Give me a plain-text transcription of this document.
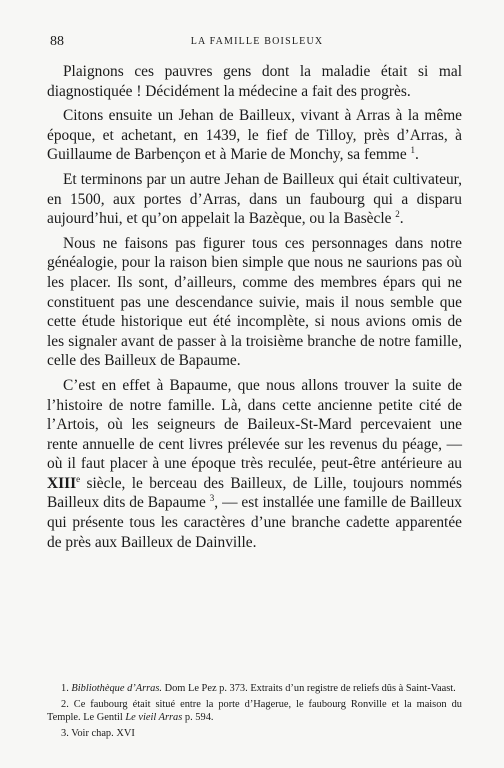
88	LA FAMILLE BOISLEUX

Plaignons ces pauvres gens dont la maladie était si mal diagnostiquée ! Décidément la médecine a fait des progrès.

Citons ensuite un Jehan de Bailleux, vivant à Arras à la même époque, et achetant, en 1439, le fief de Tilloy, près d’Arras, à Guillaume de Barbençon et à Marie de Monchy, sa femme $^1$.

Et terminons par un autre Jehan de Bailleux qui était cultivateur, en 1500, aux portes d’Arras, dans un faubourg qui a disparu aujourd’hui, et qu’on appelait la Bazèque, ou la Basècle $^2$.

Nous ne faisons pas figurer tous ces personnages dans notre généalogie, pour la raison bien simple que nous ne saurions pas où les placer. Ils sont, d’ailleurs, comme des membres épars qui ne constituent pas une descendance suivie, mais il nous semble que cette étude historique eut été incomplète, si nous avions omis de les signaler avant de passer à la troisième branche de notre famille, celle des Bailleux de Bapaume.

C’est en effet à Bapaume, que nous allons trouver la suite de l’histoire de notre famille. Là, dans cette ancienne petite cité de l’Artois, où les seigneurs de Baileux-St-Mard percevaient une rente annuelle de cent livres prélevée sur les revenus du péage, — où il faut placer à une époque très reculée, peut-être antérieure au XIIIe siècle, le berceau des Bailleux, de Lille, toujours nommés Bailleux dits de Bapaume $^3$, — est installée une famille de Bailleux qui présente tous les caractères d’une branche cadette apparentée de près aux Bailleux de Dainville.

1. Bibliothèque d’Arras. Dom Le Pez p. 373. Extraits d’un registre de reliefs dûs à Saint-Vaast.

2. Ce faubourg était situé entre la porte d’Hagerue, le faubourg Ronville et la maison du Temple. Le Gentil Le vieil Arras p. 594.

3. Voir chap. XVI
